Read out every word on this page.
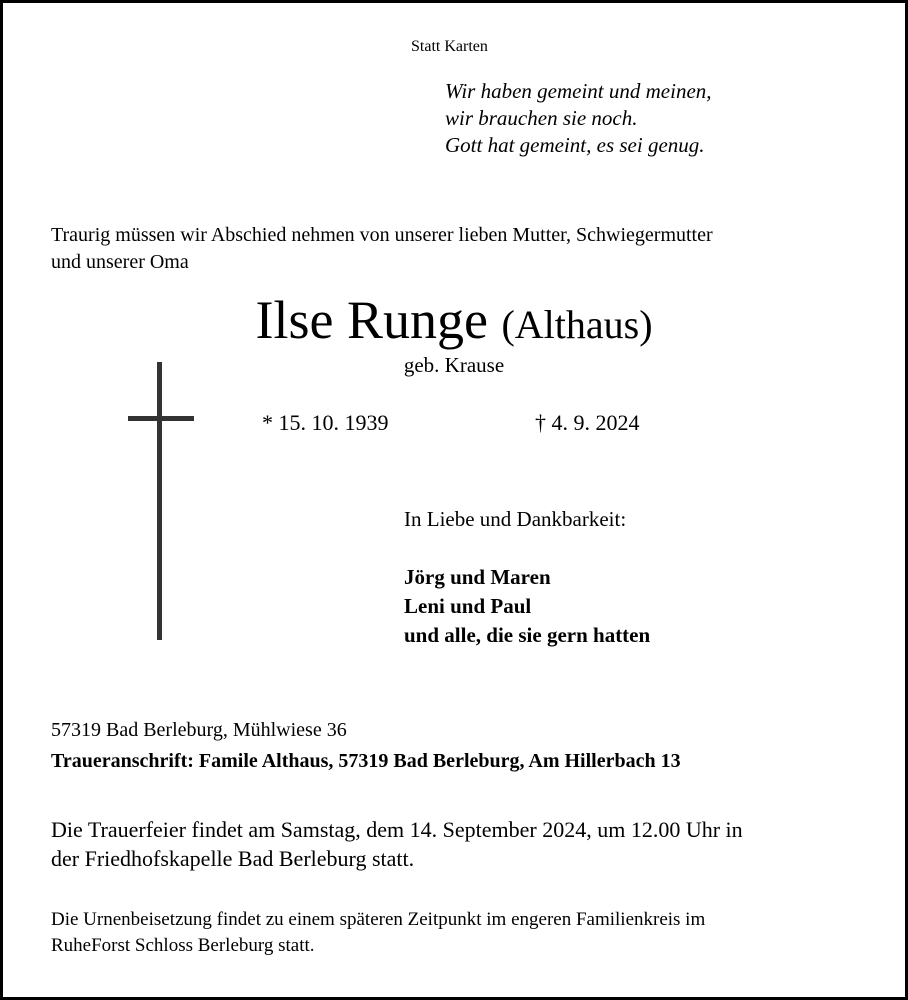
Statt Karten
Wir haben gemeint und meinen,
wir brauchen sie noch.
Gott hat gemeint, es sei genug.
Traurig müssen wir Abschied nehmen von unserer lieben Mutter, Schwiegermutter
und unserer Oma
Ilse Runge (Althaus)
geb. Krause
* 15. 10. 1939	† 4. 9. 2024
In Liebe und Dankbarkeit:
Jörg und Maren
Leni und Paul
und alle, die sie gern hatten
57319 Bad Berleburg, Mühlwiese 36
Traueranschrift: Famile Althaus, 57319 Bad Berleburg, Am Hillerbach 13
Die Trauerfeier findet am Samstag, dem 14. September 2024, um 12.00 Uhr in
der Friedhofskapelle Bad Berleburg statt.
Die Urnenbeisetzung findet zu einem späteren Zeitpunkt im engeren Familienkreis im
RuheForst Schloss Berleburg statt.
